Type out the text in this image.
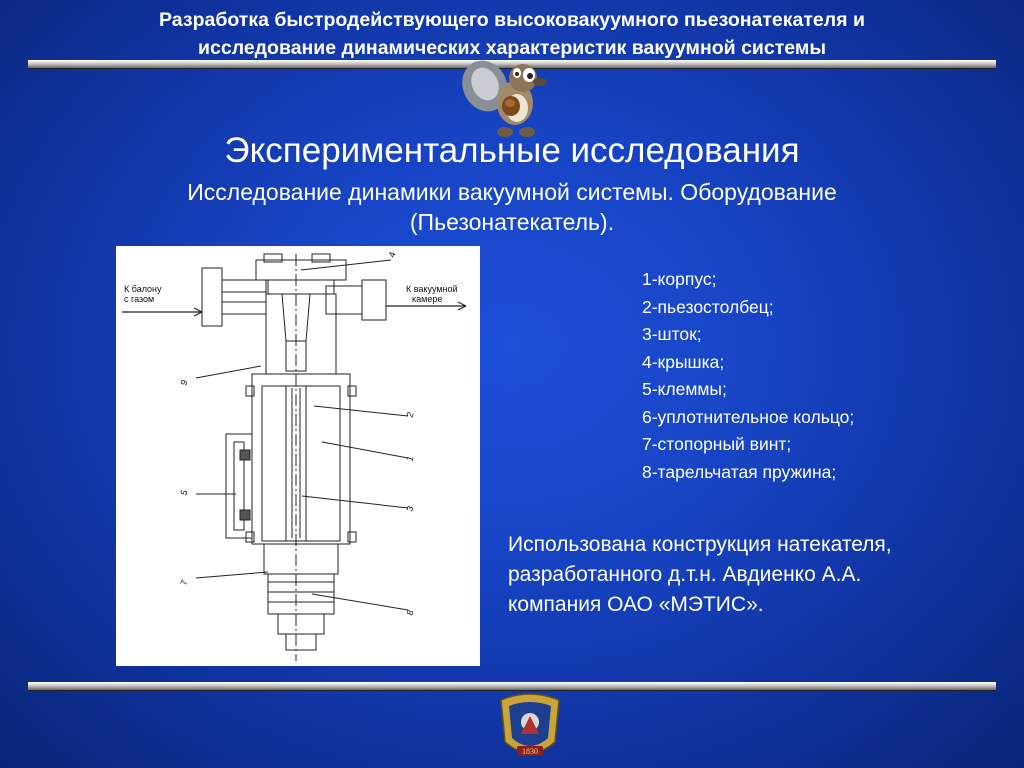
Разработка быстродействующего высоковакуумного пьезонатекателя и
исследование динамических характеристик вакуумной системы
Экспериментальные исследования
Исследование динамики вакуумной системы. Оборудование
(Пьезонатекатель).
К балону
с газом
К вакуумной
камере
4
9
2
1
5
3
7
8
1-корпус;
2-пьезостолбец;
3-шток;
4-крышка;
5-клеммы;
6-уплотнительное кольцо;
7-стопорный винт;
8-тарельчатая пружина;
Использована конструкция натекателя,
разработанного д.т.н. Авдиенко А.А.
компания ОАО «МЭТИС».
1830
